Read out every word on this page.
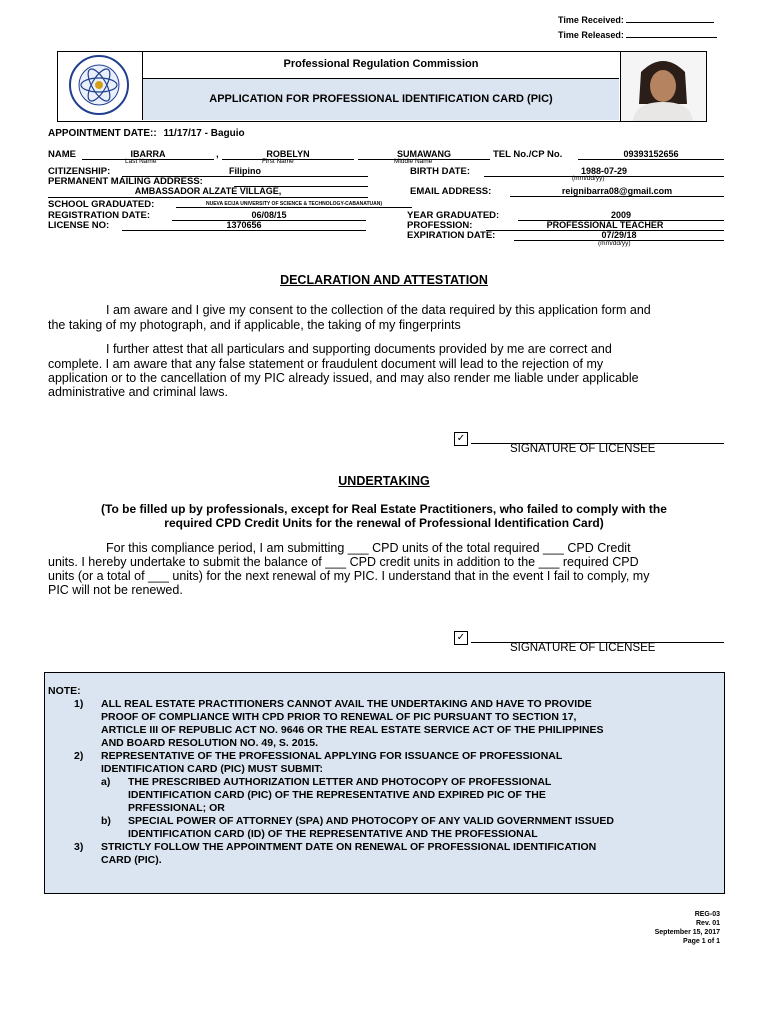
Time Received:
Time Released:
Professional Regulation Commission
APPLICATION FOR PROFESSIONAL IDENTIFICATION CARD (PIC)
APPOINTMENT DATE:: 11/17/17 - Baguio
NAME	IBARRA	,	ROBELYN	SUMAWANG
Last Name	First Name	Middle Name
TEL No./CP No.	09393152656
CITIZENSHIP:	Filipino	BIRTH DATE:	1988-07-29
(mm/dd/yy)
PERMANENT MAILING ADDRESS:
AMBASSADOR ALZATE VILLAGE,	EMAIL ADDRESS:	reignibarra08@gmail.com
SCHOOL GRADUATED:	NUEVA ECIJA UNIVERSITY OF SCIENCE & TECHNOLOGY-CABANATUAN)
REGISTRATION DATE:	06/08/15	YEAR GRADUATED:	2009
LICENSE NO:	1370656	PROFESSION:	PROFESSIONAL TEACHER
EXPIRATION DATE:	07/29/18
(mm/dd/yy)
DECLARATION AND ATTESTATION
I am aware and I give my consent to the collection of the data required by this application form and
the taking of my photograph, and if applicable, the taking of my fingerprints
I further attest that all particulars and supporting documents provided by me are correct and
complete. I am aware that any false statement or fraudulent document will lead to the rejection of my
application or to the cancellation of my PIC already issued, and may also render me liable under applicable
administrative and criminal laws.
✓
SIGNATURE OF LICENSEE
UNDERTAKING
(To be filled up by professionals, except for Real Estate Practitioners, who failed to comply with the
required CPD Credit Units for the renewal of Professional Identification Card)
For this compliance period, I am submitting ___ CPD units of the total required ___ CPD Credit
units. I hereby undertake to submit the balance of ___ CPD credit units in addition to the ___ required CPD
units (or a total of ___ units) for the next renewal of my PIC. I understand that in the event I fail to comply, my
PIC will not be renewed.
✓
SIGNATURE OF LICENSEE
NOTE:
1) ALL REAL ESTATE PRACTITIONERS CANNOT AVAIL THE UNDERTAKING AND HAVE TO PROVIDE
PROOF OF COMPLIANCE WITH CPD PRIOR TO RENEWAL OF PIC PURSUANT TO SECTION 17,
ARTICLE III OF REPUBLIC ACT NO. 9646 OR THE REAL ESTATE SERVICE ACT OF THE PHILIPPINES
AND BOARD RESOLUTION NO. 49, S. 2015.
2) REPRESENTATIVE OF THE PROFESSIONAL APPLYING FOR ISSUANCE OF PROFESSIONAL
IDENTIFICATION CARD (PIC) MUST SUBMIT:
a) THE PRESCRIBED AUTHORIZATION LETTER AND PHOTOCOPY OF PROFESSIONAL
IDENTIFICATION CARD (PIC) OF THE REPRESENTATIVE AND EXPIRED PIC OF THE
PRFESSIONAL; OR
b) SPECIAL POWER OF ATTORNEY (SPA) AND PHOTOCOPY OF ANY VALID GOVERNMENT ISSUED
IDENTIFICATION CARD (ID) OF THE REPRESENTATIVE AND THE PROFESSIONAL
3) STRICTLY FOLLOW THE APPOINTMENT DATE ON RENEWAL OF PROFESSIONAL IDENTIFICATION
CARD (PIC).
REG-03
Rev. 01
September 15, 2017
Page 1 of 1
